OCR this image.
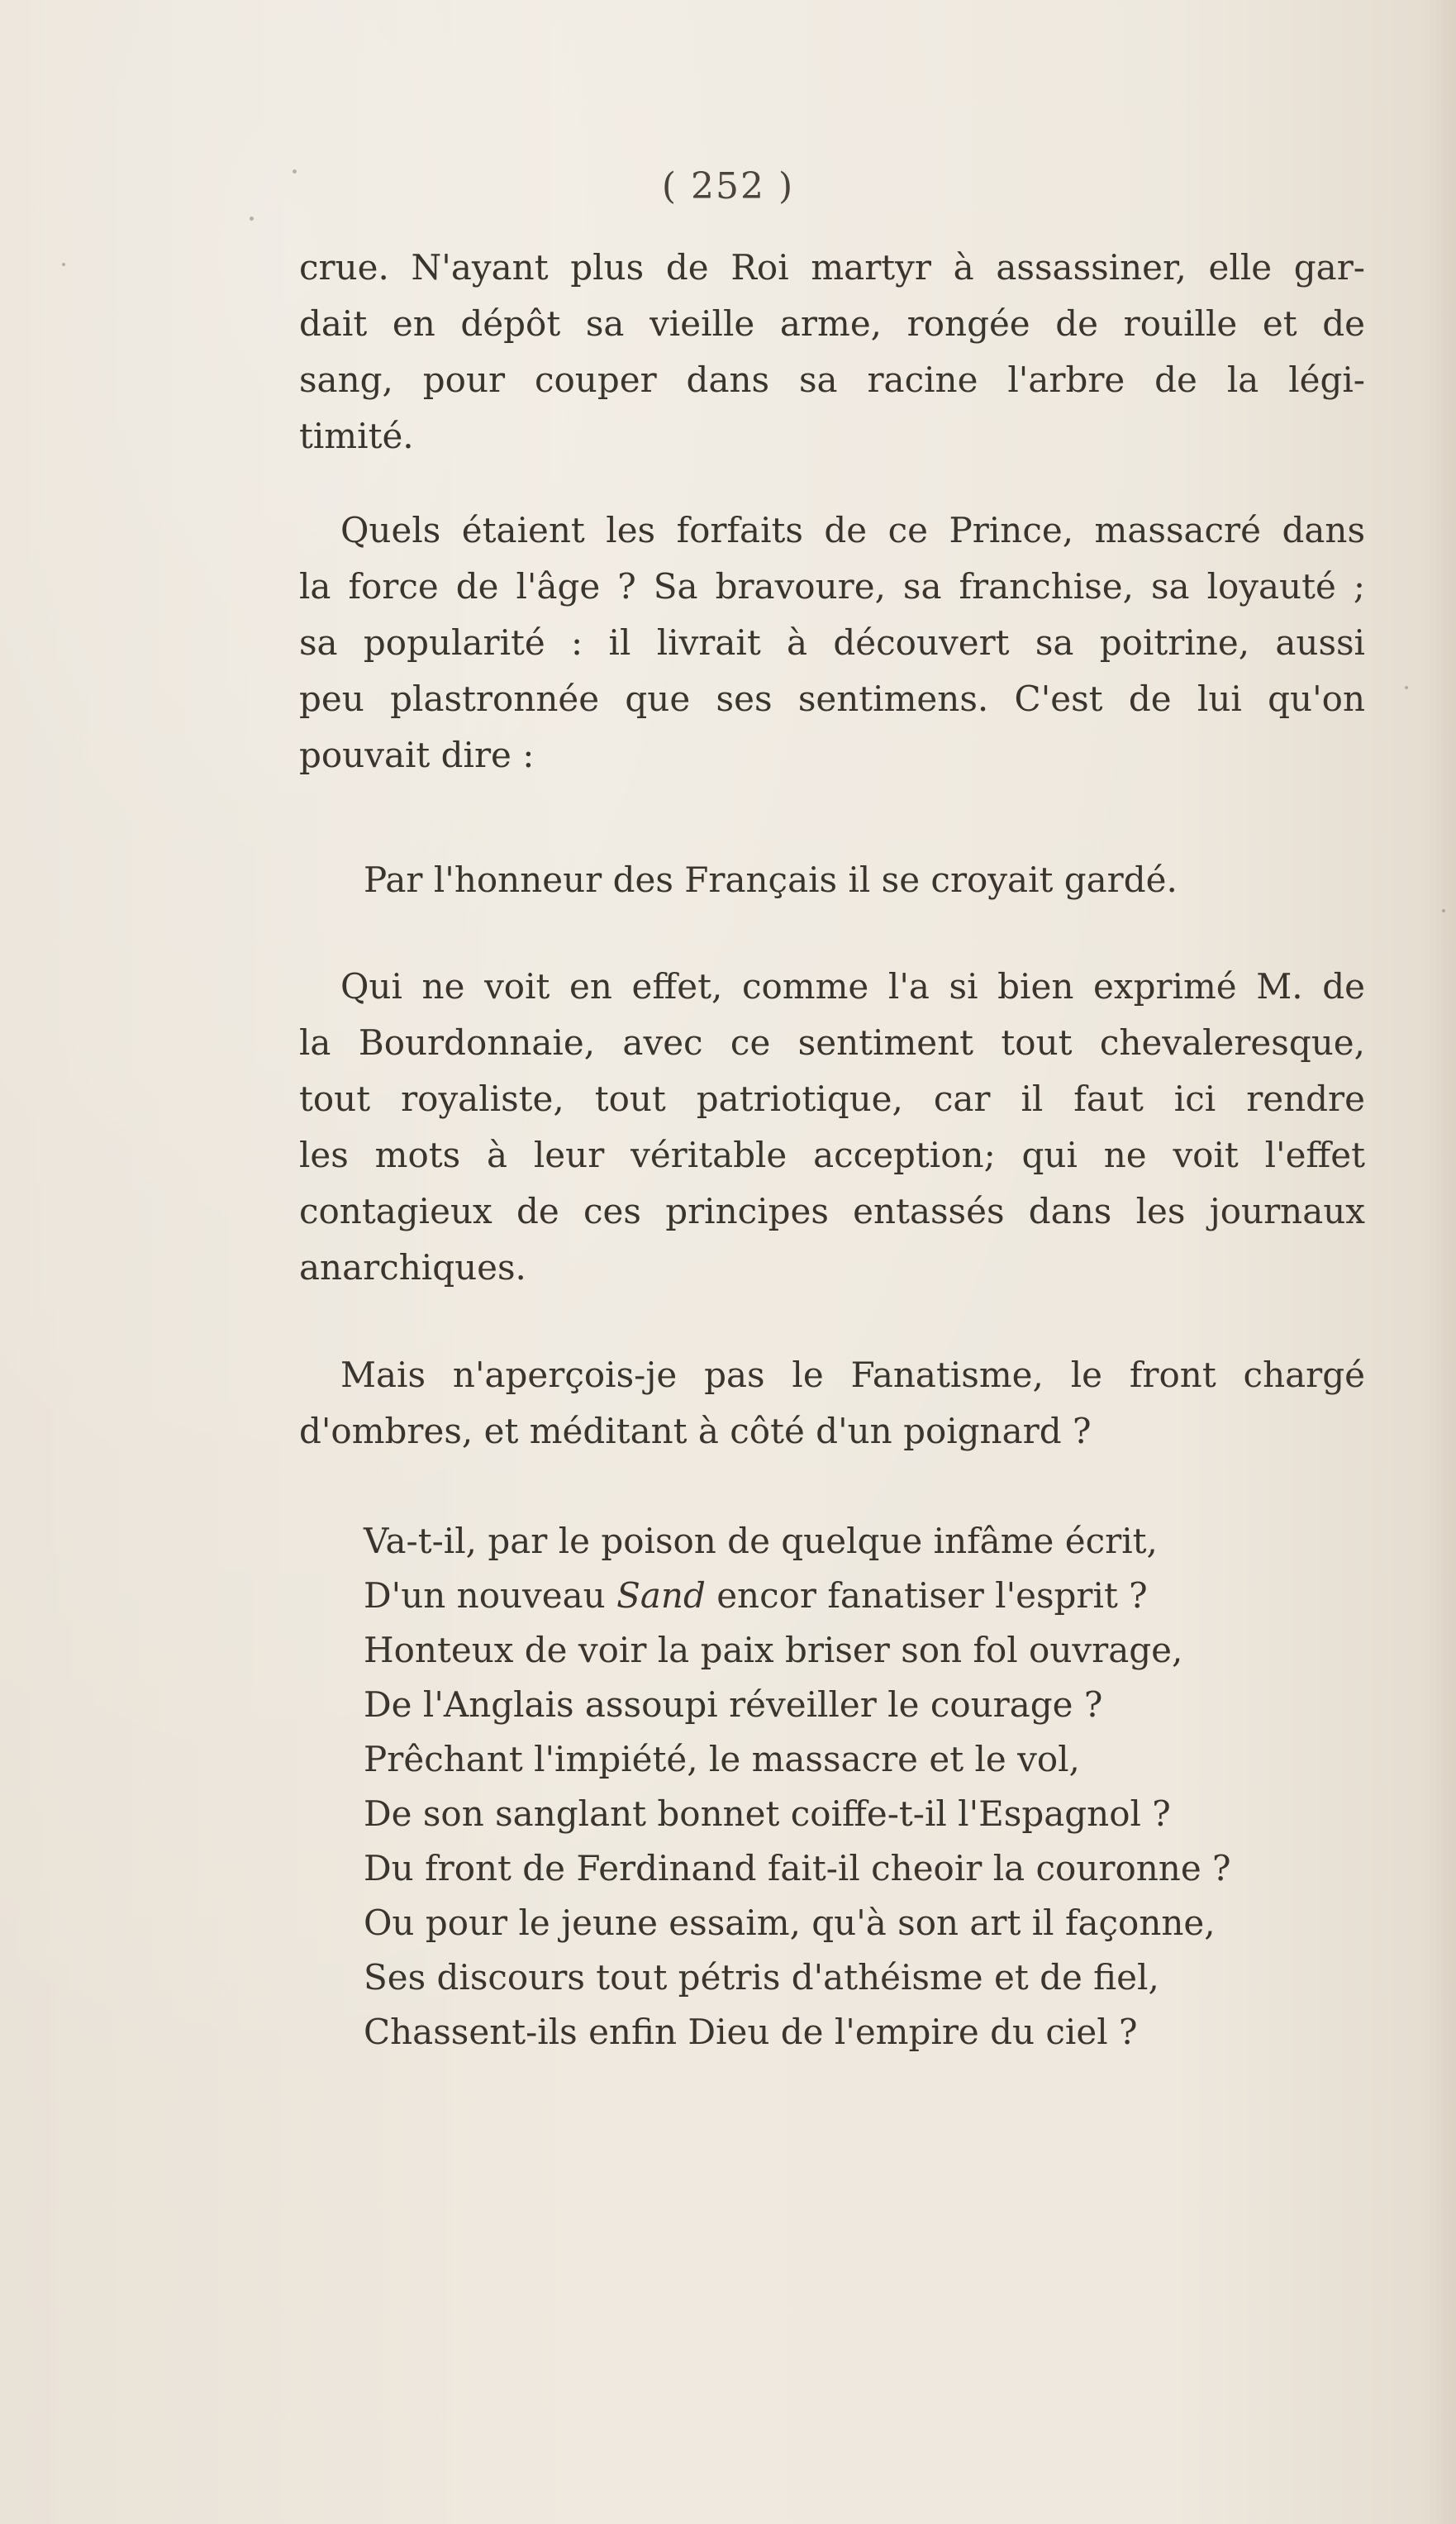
( 252 )
crue. N'ayant plus de Roi martyr à assassiner, elle gar-
dait en dépôt sa vieille arme, rongée de rouille et de
sang, pour couper dans sa racine l'arbre de la légi-
timité.
Quels étaient les forfaits de ce Prince, massacré dans
la force de l'âge ? Sa bravoure, sa franchise, sa loyauté ;
sa popularité : il livrait à découvert sa poitrine, aussi
peu plastronnée que ses sentimens. C'est de lui qu'on
pouvait dire :
Par l'honneur des Français il se croyait gardé.
Qui ne voit en effet, comme l'a si bien exprimé M. de
la Bourdonnaie, avec ce sentiment tout chevaleresque,
tout royaliste, tout patriotique, car il faut ici rendre
les mots à leur véritable acception; qui ne voit l'effet
contagieux de ces principes entassés dans les journaux
anarchiques.
Mais n'aperçois-je pas le Fanatisme, le front chargé
d'ombres, et méditant à côté d'un poignard ?
Va-t-il, par le poison de quelque infâme écrit,
D'un nouveau Sand encor fanatiser l'esprit ?
Honteux de voir la paix briser son fol ouvrage,
De l'Anglais assoupi réveiller le courage ?
Prêchant l'impiété, le massacre et le vol,
De son sanglant bonnet coiffe-t-il l'Espagnol ?
Du front de Ferdinand fait-il cheoir la couronne ?
Ou pour le jeune essaim, qu'à son art il façonne,
Ses discours tout pétris d'athéisme et de fiel,
Chassent-ils enfin Dieu de l'empire du ciel ?
